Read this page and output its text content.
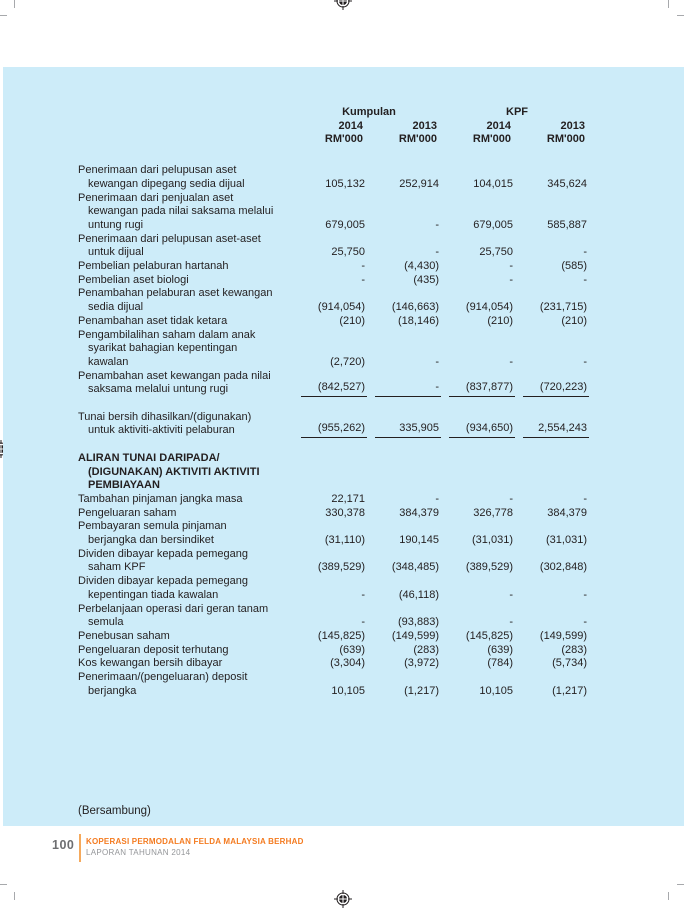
Kumpulan	KPF
2014	2013	2014	2013
RM'000	RM'000	RM'000	RM'000
Penerimaan dari pelupusan aset
kewangan dipegang sedia dijual	105,132	252,914	104,015	345,624
Penerimaan dari penjualan aset
kewangan pada nilai saksama melalui
untung rugi	679,005	-	679,005	585,887
Penerimaan dari pelupusan aset-aset
untuk dijual	25,750	-	25,750	-
Pembelian pelaburan hartanah	-	(4,430)	-	(585)
Pembelian aset biologi	-	(435)	-	-
Penambahan pelaburan aset kewangan
sedia dijual	(914,054)	(146,663)	(914,054)	(231,715)
Penambahan aset tidak ketara	(210)	(18,146)	(210)	(210)
Pengambilalihan saham dalam anak
syarikat bahagian kepentingan
kawalan	(2,720)	-	-	-
Penambahan aset kewangan pada nilai
saksama melalui untung rugi	(842,527)	-	(837,877)	(720,223)
Tunai bersih dihasilkan/(digunakan)
untuk aktiviti-aktiviti pelaburan	(955,262)	335,905	(934,650)	2,554,243
ALIRAN TUNAI DARIPADA/
(DIGUNAKAN) AKTIVITI AKTIVITI
PEMBIAYAAN
Tambahan pinjaman jangka masa	22,171	-	-	-
Pengeluaran saham	330,378	384,379	326,778	384,379
Pembayaran semula pinjaman
berjangka dan bersindiket	(31,110)	190,145	(31,031)	(31,031)
Dividen dibayar kepada pemegang
saham KPF	(389,529)	(348,485)	(389,529)	(302,848)
Dividen dibayar kepada pemegang
kepentingan tiada kawalan	-	(46,118)	-	-
Perbelanjaan operasi dari geran tanam
semula	-	(93,883)	-	-
Penebusan saham	(145,825)	(149,599)	(145,825)	(149,599)
Pengeluaran deposit terhutang	(639)	(283)	(639)	(283)
Kos kewangan bersih dibayar	(3,304)	(3,972)	(784)	(5,734)
Penerimaan/(pengeluaran) deposit
berjangka	10,105	(1,217)	10,105	(1,217)
(Bersambung)
100 KOPERASI PERMODALAN FELDA MALAYSIA BERHAD
LAPORAN TAHUNAN 2014
